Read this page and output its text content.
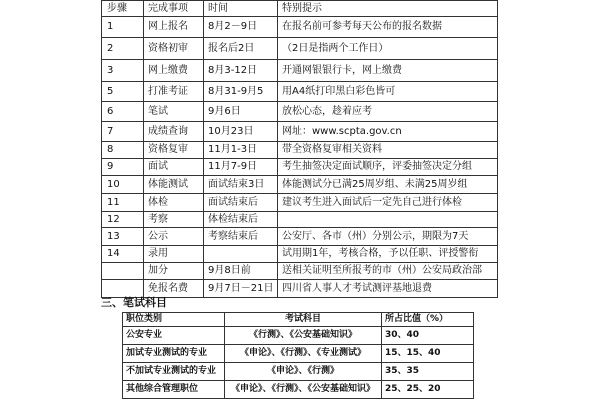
步骤	完成事项	时间	特别提示
1	网上报名	8月2－9日	在报名前可参考每天公布的报名数据
2	资格初审	报名后2日	（2日是指两个工作日）
3	网上缴费	8月3-12日	开通网银银行卡，网上缴费
5	打准考证	8月31-9月5	用A4纸打印黑白彩色皆可
6	笔试	9月6日	放松心态，趁着应考
7	成绩查询	10月23日	网址：www.scpta.gov.cn
8	资格复审	11月1-3日	带全资格复审相关资料
9	面试	11月7-9日	考生抽签决定面试顺序，评委抽签决定分组
10	体能测试	面试结束3日	体能测试分已满25周岁组、未满25周岁组
11	体检	面试结束后	建议考生进入面试后一定先自己进行体检
12	考察	体检结束后	
13	公示	考察结束后	公安厅、各市（州）分别公示，期限为7天
14	录用		试用期1年，考核合格，予以任职、评授警衔
	加分	9月8日前	送相关证明至所报考的市（州）公安局政治部
	免报名费	9月7日－21日	四川省人事人才考试测评基地退费
三、笔试科目
职位类别	考试科目	所占比值（%）
公安专业	《行测》、《公安基础知识》	30、40
加试专业测试的专业	《申论》、《行测》、《专业测试》	15、15、40
不加试专业测试的专业	《申论》、《行测》	35、35
其他综合管理职位	《申论》、《行测》、《公安基础知识》	25、25、20
